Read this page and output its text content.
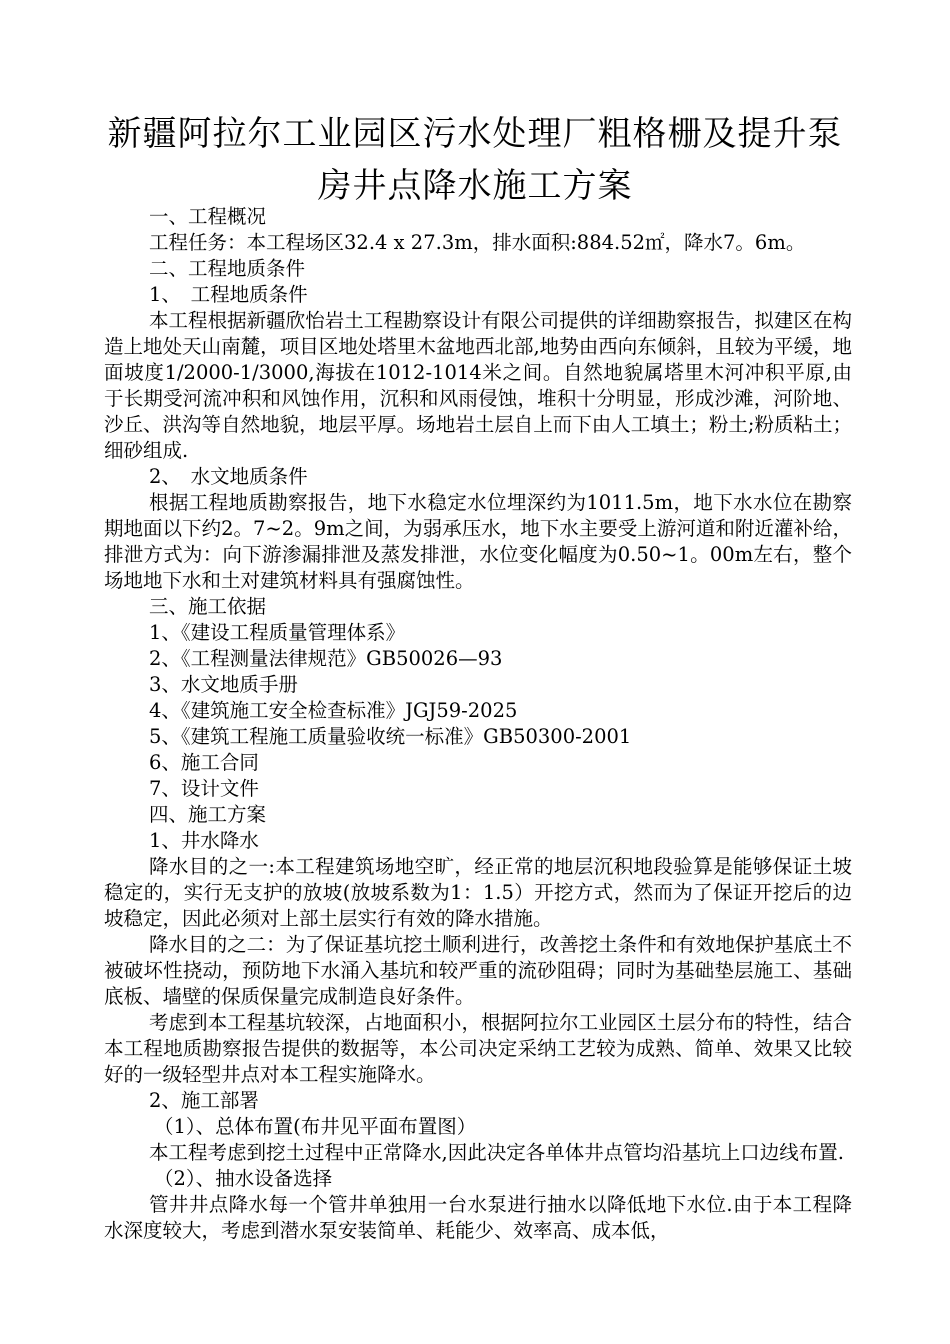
新疆阿拉尔工业园区污水处理厂粗格栅及提升泵
房井点降水施工方案

一、工程概况

工程任务：本工程场区32.4 x 27.3m，排水面积:884.52㎡，降水7。6m。

二、工程地质条件

1、　工程地质条件

本工程根据新疆欣怡岩土工程勘察设计有限公司提供的详细勘察报告，拟建区在构造上地处天山南麓，项目区地处塔里木盆地西北部,地势由西向东倾斜，且较为平缓，地面坡度1/2000-1/3000,海拔在1012-1014米之间。自然地貌属塔里木河冲积平原,由于长期受河流冲积和风蚀作用，沉积和风雨侵蚀，堆积十分明显，形成沙滩，河阶地、沙丘、洪沟等自然地貌，地层平厚。场地岩土层自上而下由人工填土；粉土;粉质粘土；细砂组成.

2、　水文地质条件

根据工程地质勘察报告，地下水稳定水位埋深约为1011.5m，地下水水位在勘察期地面以下约2。7~2。9m之间，为弱承压水，地下水主要受上游河道和附近灌补给，排泄方式为：向下游渗漏排泄及蒸发排泄，水位变化幅度为0.50~1。00m左右，整个场地地下水和土对建筑材料具有强腐蚀性。

三、施工依据

1、《建设工程质量管理体系》

2、《工程测量法律规范》GB50026—93

3、水文地质手册

4、《建筑施工安全检查标准》JGJ59-2025

5、《建筑工程施工质量验收统一标准》GB50300-2001

6、施工合同

7、设计文件

四、施工方案

1、井水降水

降水目的之一:本工程建筑场地空旷，经正常的地层沉积地段验算是能够保证土坡稳定的，实行无支护的放坡(放坡系数为1：1.5）开挖方式，然而为了保证开挖后的边坡稳定，因此必须对上部土层实行有效的降水措施。

降水目的之二：为了保证基坑挖土顺利进行，改善挖土条件和有效地保护基底土不被破坏性挠动，预防地下水涌入基坑和较严重的流砂阻碍；同时为基础垫层施工、基础底板、墙壁的保质保量完成制造良好条件。

考虑到本工程基坑较深，占地面积小，根据阿拉尔工业园区土层分布的特性，结合本工程地质勘察报告提供的数据等，本公司决定采纳工艺较为成熟、简单、效果又比较好的一级轻型井点对本工程实施降水。

2、施工部署

（1）、总体布置(布井见平面布置图）

本工程考虑到挖土过程中正常降水,因此决定各单体井点管均沿基坑上口边线布置.

（2）、抽水设备选择

管井井点降水每一个管井单独用一台水泵进行抽水以降低地下水位.由于本工程降水深度较大，考虑到潜水泵安装简单、耗能少、效率高、成本低，
